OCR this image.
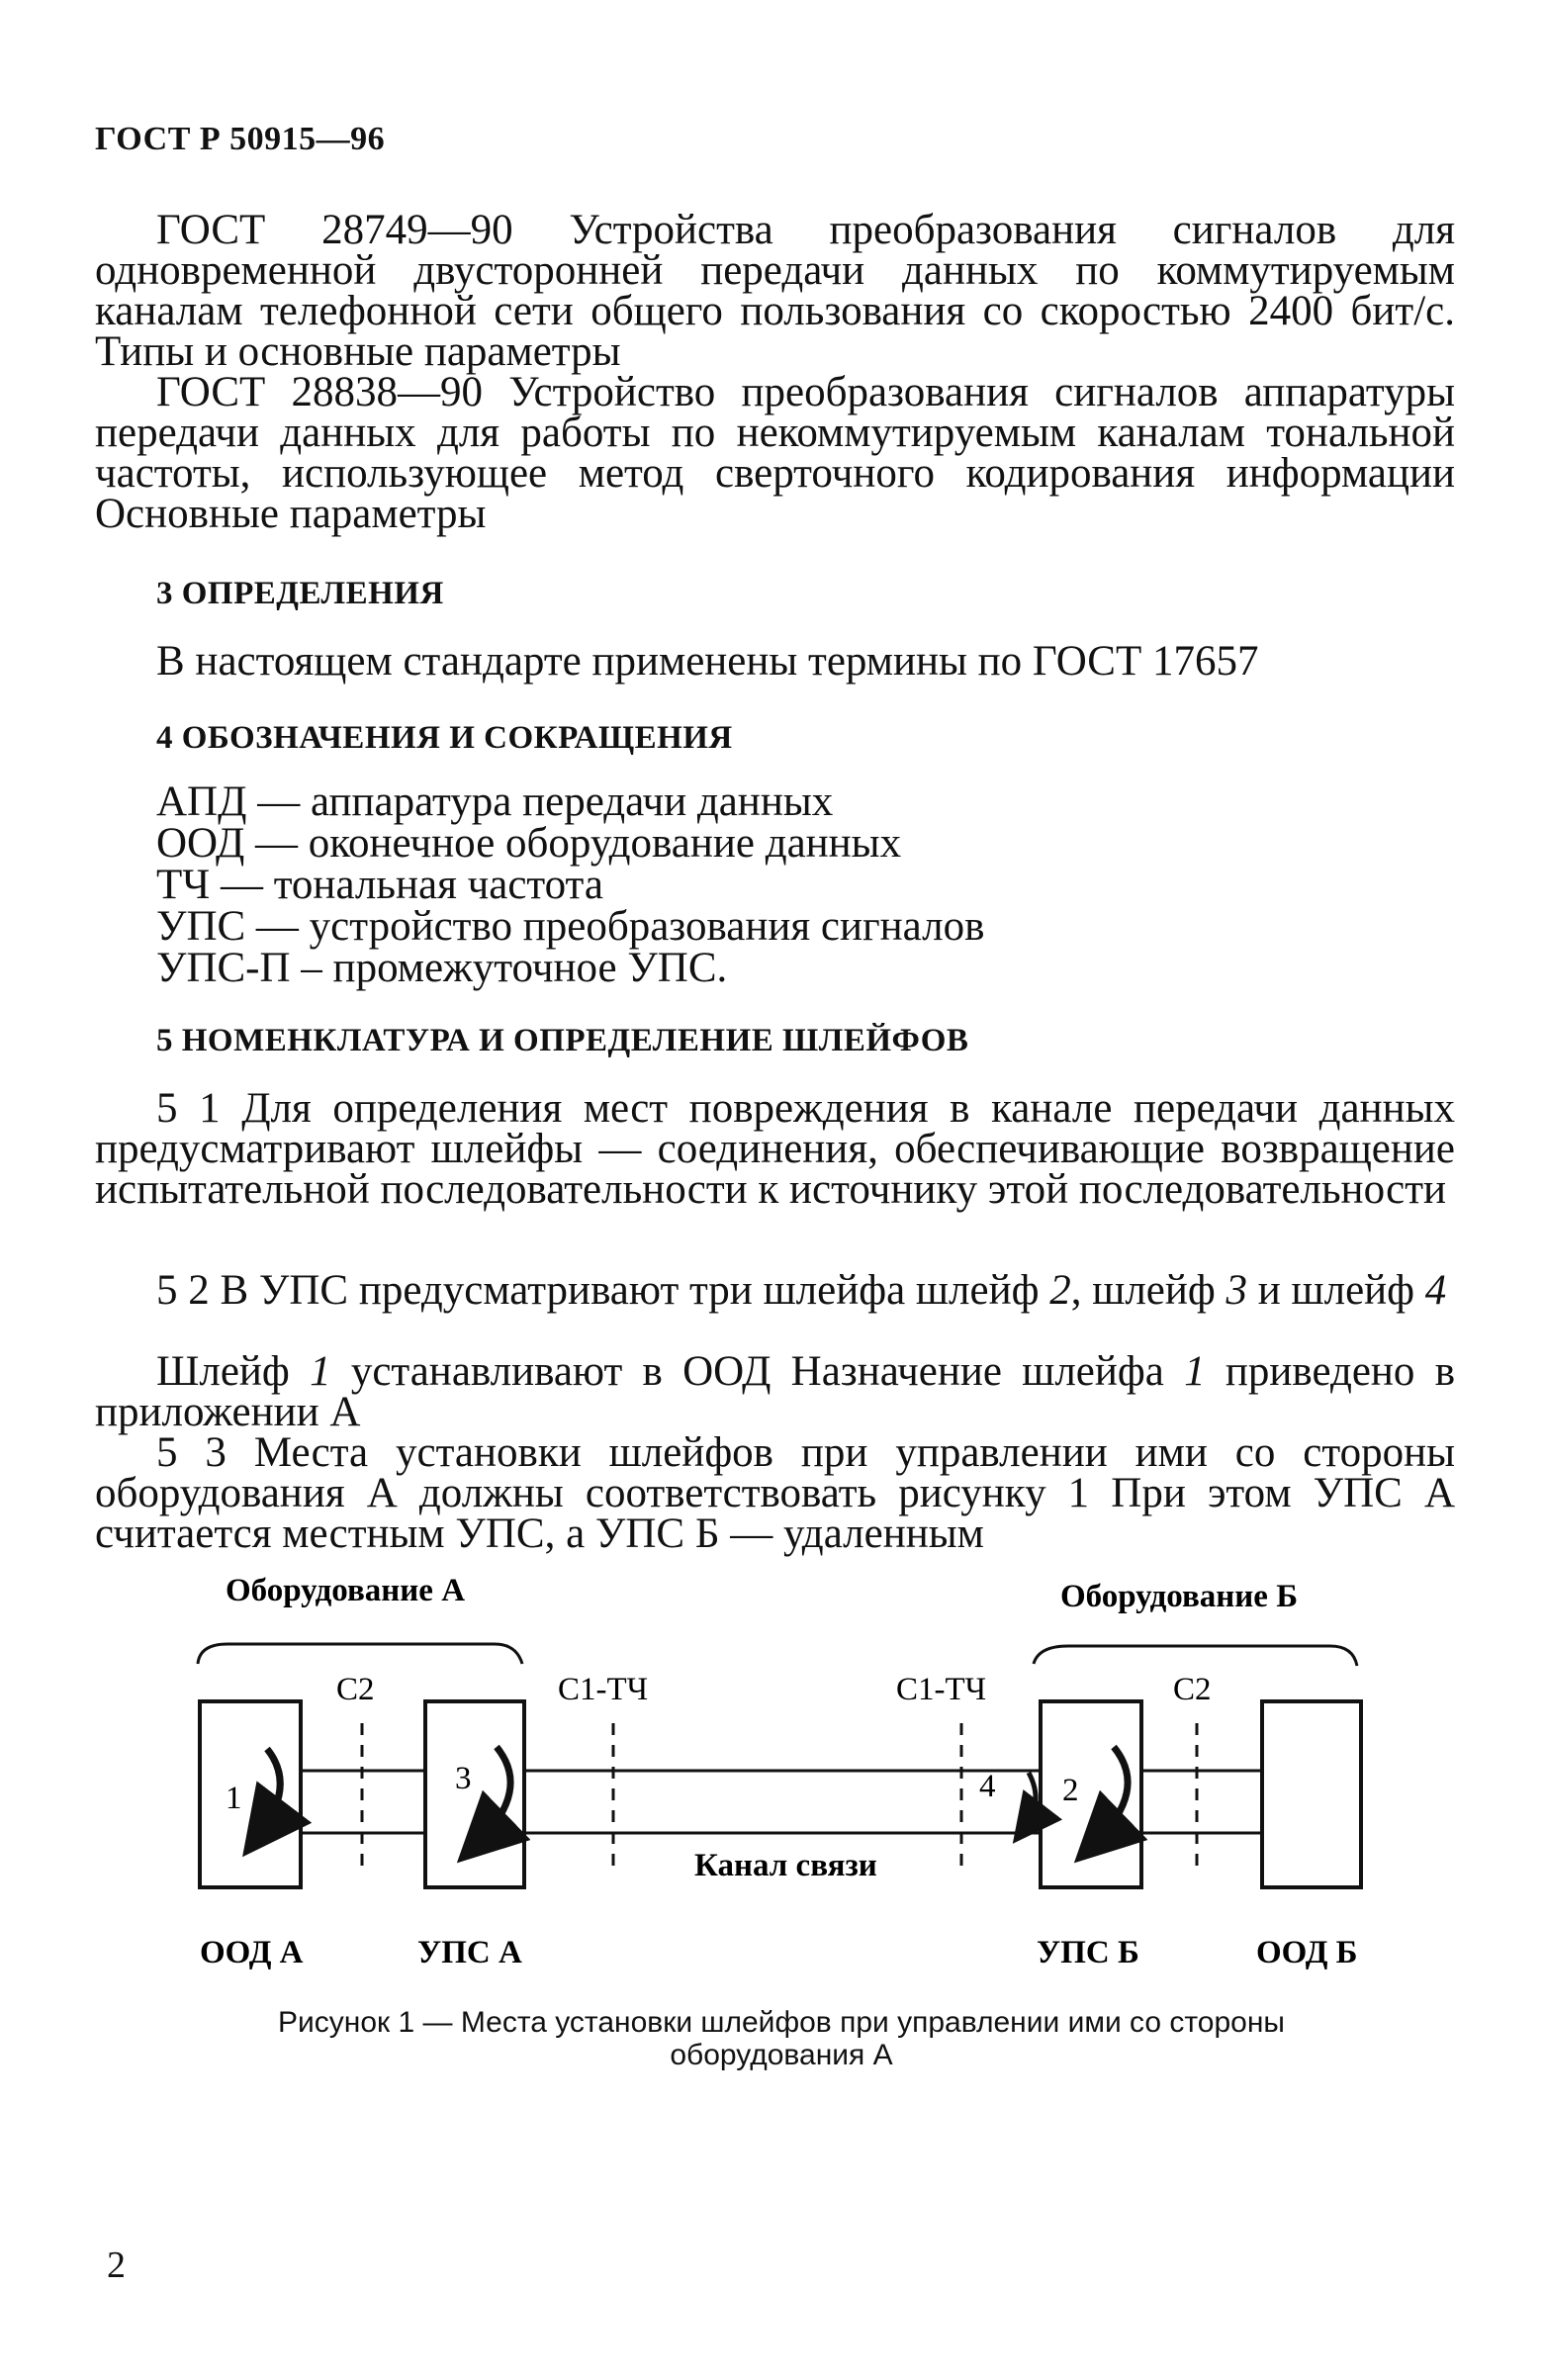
ГОСТ Р 50915—96
ГОСТ 28749—90 Устройства преобразования сигналов для одновременной двусторонней передачи данных по коммутируемым каналам телефонной сети общего пользования со скоростью 2400 бит/с. Типы и основные параметры
ГОСТ 28838—90 Устройство преобразования сигналов аппаратуры передачи данных для работы по некоммутируемым каналам тональной частоты, использующее метод сверточного кодирования информации Основные параметры
3 ОПРЕДЕЛЕНИЯ
В настоящем стандарте применены термины по ГОСТ 17657
4 ОБОЗНАЧЕНИЯ И СОКРАЩЕНИЯ
АПД — аппаратура передачи данных
ООД — оконечное оборудование данных
ТЧ — тональная частота
УПС — устройство преобразования сигналов
УПС-П – промежуточное УПС.
5 НОМЕНКЛАТУРА И ОПРЕДЕЛЕНИЕ ШЛЕЙФОВ
5 1 Для определения мест повреждения в канале передачи данных предусматривают шлейфы — соединения, обеспечивающие возвращение испытательной последовательности к источнику этой последовательности
5 2 В УПС предусматривают три шлейфа шлейф 2, шлейф 3 и шлейф 4
Шлейф 1 устанавливают в ООД Назначение шлейфа 1 приведено в приложении А
5 3 Места установки шлейфов при управлении ими со стороны оборудования А должны соответствовать рисунку 1 При этом УПС А считается местным УПС, а УПС Б — удаленным
Оборудование А	Оборудование Б
С2	С1-ТЧ	С1-ТЧ	С2
1
3	4 2
Канал связи
ООД А	УПС А	УПС Б	ООД Б
Рисунок 1 — Места установки шлейфов при управлении ими со стороны оборудования А
2
